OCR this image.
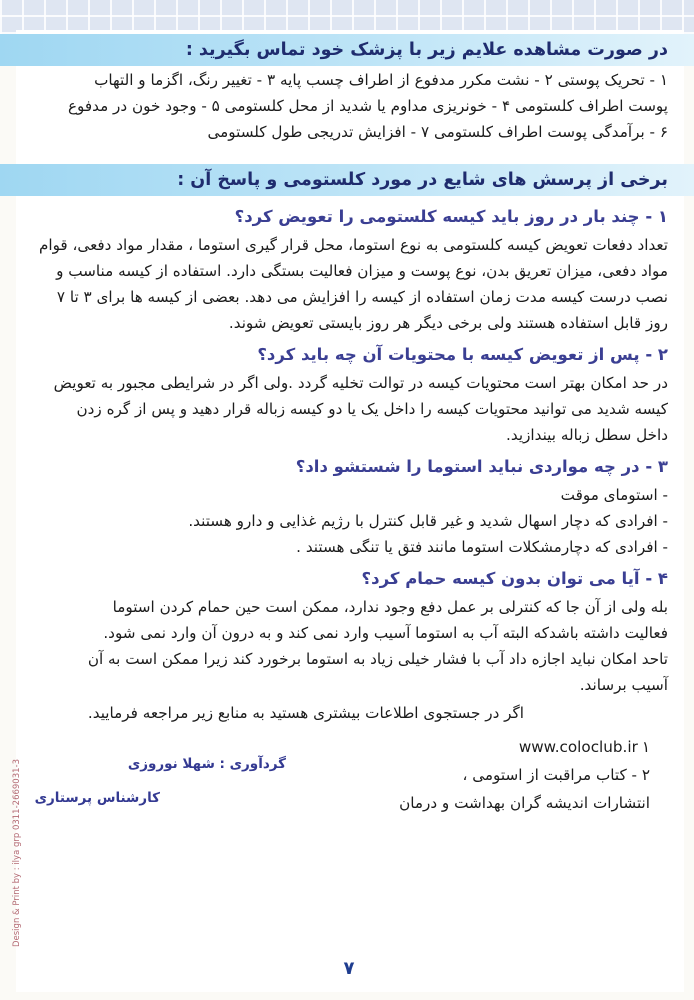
در صورت مشاهده علایم زیر با پزشک خود تماس بگیرید :
۱ - تحریک پوستی ۲ - نشت مکرر مدفوع از اطراف چسب پایه ۳ - تغییر رنگ، اگزما و التهاب
پوست اطراف کلستومی ۴ - خونریزی مداوم یا شدید از محل کلستومی ۵ - وجود خون در مدفوع
۶ - برآمدگی پوست اطراف کلستومی ۷ - افزایش تدریجی طول کلستومی
برخی از پرسش های شایع در مورد کلستومی و پاسخ آن :
۱ - چند بار در روز باید کیسه کلستومی را تعویض کرد؟
تعداد دفعات تعویض کیسه کلستومی به نوع استوما، محل قرار گیری استوما ، مقدار مواد دفعی، قوام
مواد دفعی، میزان تعریق بدن، نوع پوست و میزان فعالیت بستگی دارد. استفاده از کیسه مناسب و
نصب درست کیسه مدت زمان استفاده از کیسه را افزایش می دهد. بعضی از کیسه ها برای ۳ تا ۷
روز قابل استفاده هستند ولی برخی دیگر هر روز بایستی تعویض شوند.
۲ - پس از تعویض کیسه با محتویات آن چه باید کرد؟
در حد امکان بهتر است محتویات کیسه در توالت تخلیه گردد .ولی اگر در شرایطی مجبور به تعویض
کیسه شدید می توانید محتویات کیسه را داخل یک یا دو کیسه زباله قرار دهید و پس از گره زدن
داخل سطل زباله بیندازید.
۳ - در چه مواردی نباید استوما را شستشو داد؟
- استومای موقت
- افرادی که دچار اسهال شدید و غیر قابل کنترل با رژیم غذایی و دارو هستند.
- افرادی که دچارمشکلات استوما مانند فتق یا تنگی هستند .
۴ - آیا می توان بدون کیسه حمام کرد؟
بله ولی از آن جا که کنترلی بر عمل دفع وجود ندارد، ممکن است حین حمام کردن استوما
فعالیت داشته باشدکه البته آب به استوما آسیب وارد نمی کند و به درون آن وارد نمی شود.
تاحد امکان نباید اجازه داد آب با فشار خیلی زیاد به استوما برخورد کند زیرا ممکن است به آن
آسیب برساند.
اگر در جستجوی اطلاعات بیشتری هستید به منابع زیر مراجعه فرمایید.
www.coloclub.ir ۱
۲ - کتاب مراقبت از استومی ،
انتشارات اندیشه گران بهداشت و درمان
گردآوری : شهلا نوروزی
کارشناس پرستاری
Design & Print by : ilya grp 0311-2669031-3
۷
